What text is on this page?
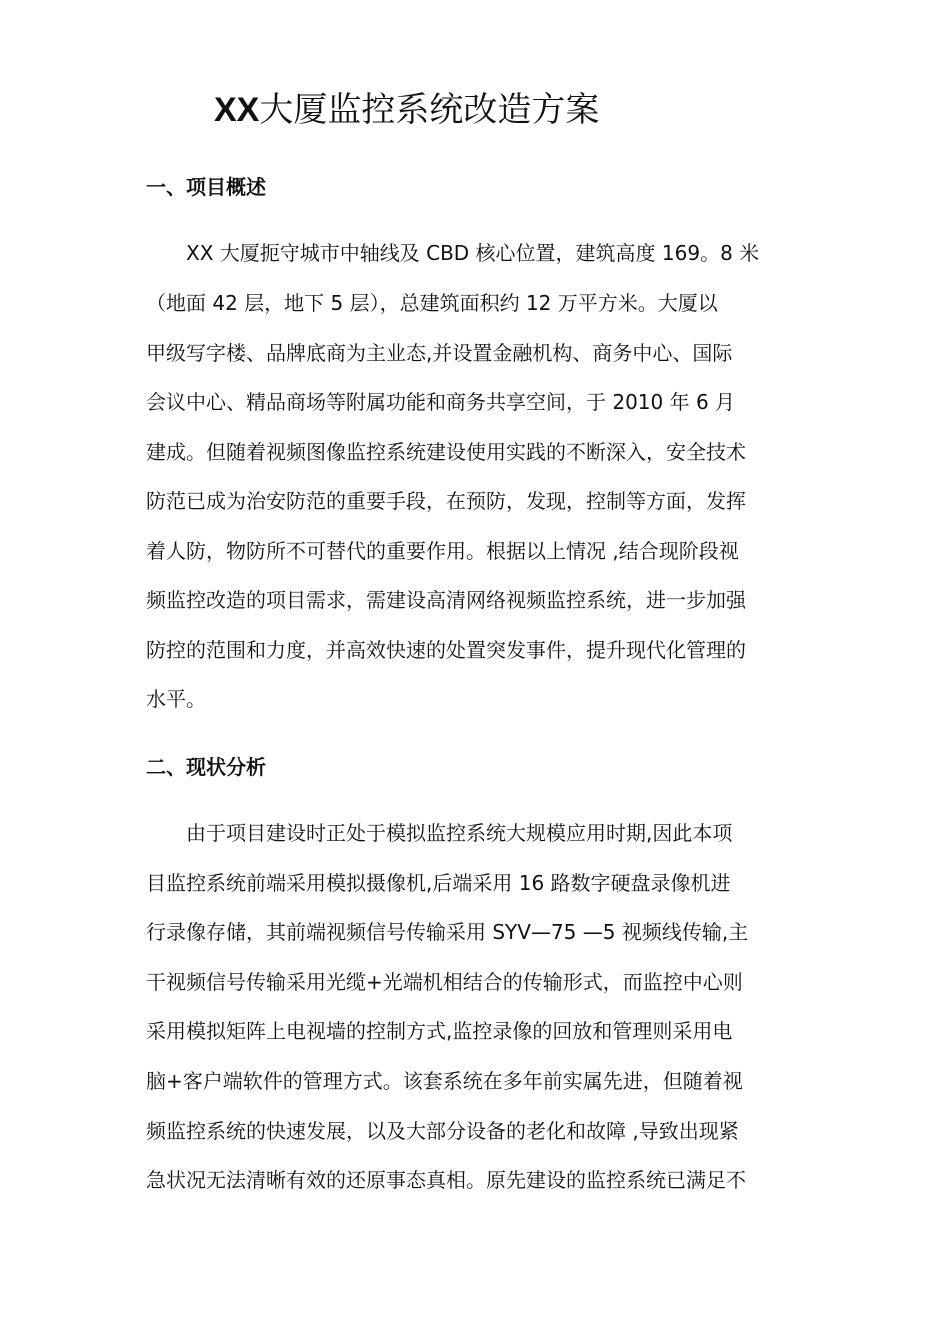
XX大厦监控系统改造方案
一、项目概述

XX 大厦扼守城市中轴线及 CBD 核心位置，建筑高度 169。8 米

（地面 42 层，地下 5 层），总建筑面积约 12 万平方米。大厦以

甲级写字楼、品牌底商为主业态,并设置金融机构、商务中心、国际

会议中心、精品商场等附属功能和商务共享空间，于 2010 年 6 月

建成。但随着视频图像监控系统建设使用实践的不断深入，安全技术

防范已成为治安防范的重要手段，在预防，发现，控制等方面，发挥

着人防，物防所不可替代的重要作用。根据以上情况 ,结合现阶段视

频监控改造的项目需求，需建设高清网络视频监控系统，进一步加强

防控的范围和力度，并高效快速的处置突发事件，提升现代化管理的

水平。

二、现状分析

由于项目建设时正处于模拟监控系统大规模应用时期,因此本项

目监控系统前端采用模拟摄像机,后端采用 16 路数字硬盘录像机进

行录像存储，其前端视频信号传输采用 SYV—75 —5 视频线传输,主

干视频信号传输采用光缆+光端机相结合的传输形式，而监控中心则

采用模拟矩阵上电视墙的控制方式,监控录像的回放和管理则采用电

脑+客户端软件的管理方式。该套系统在多年前实属先进，但随着视

频监控系统的快速发展，以及大部分设备的老化和故障 ,导致出现紧

急状况无法清晰有效的还原事态真相。原先建设的监控系统已满足不
